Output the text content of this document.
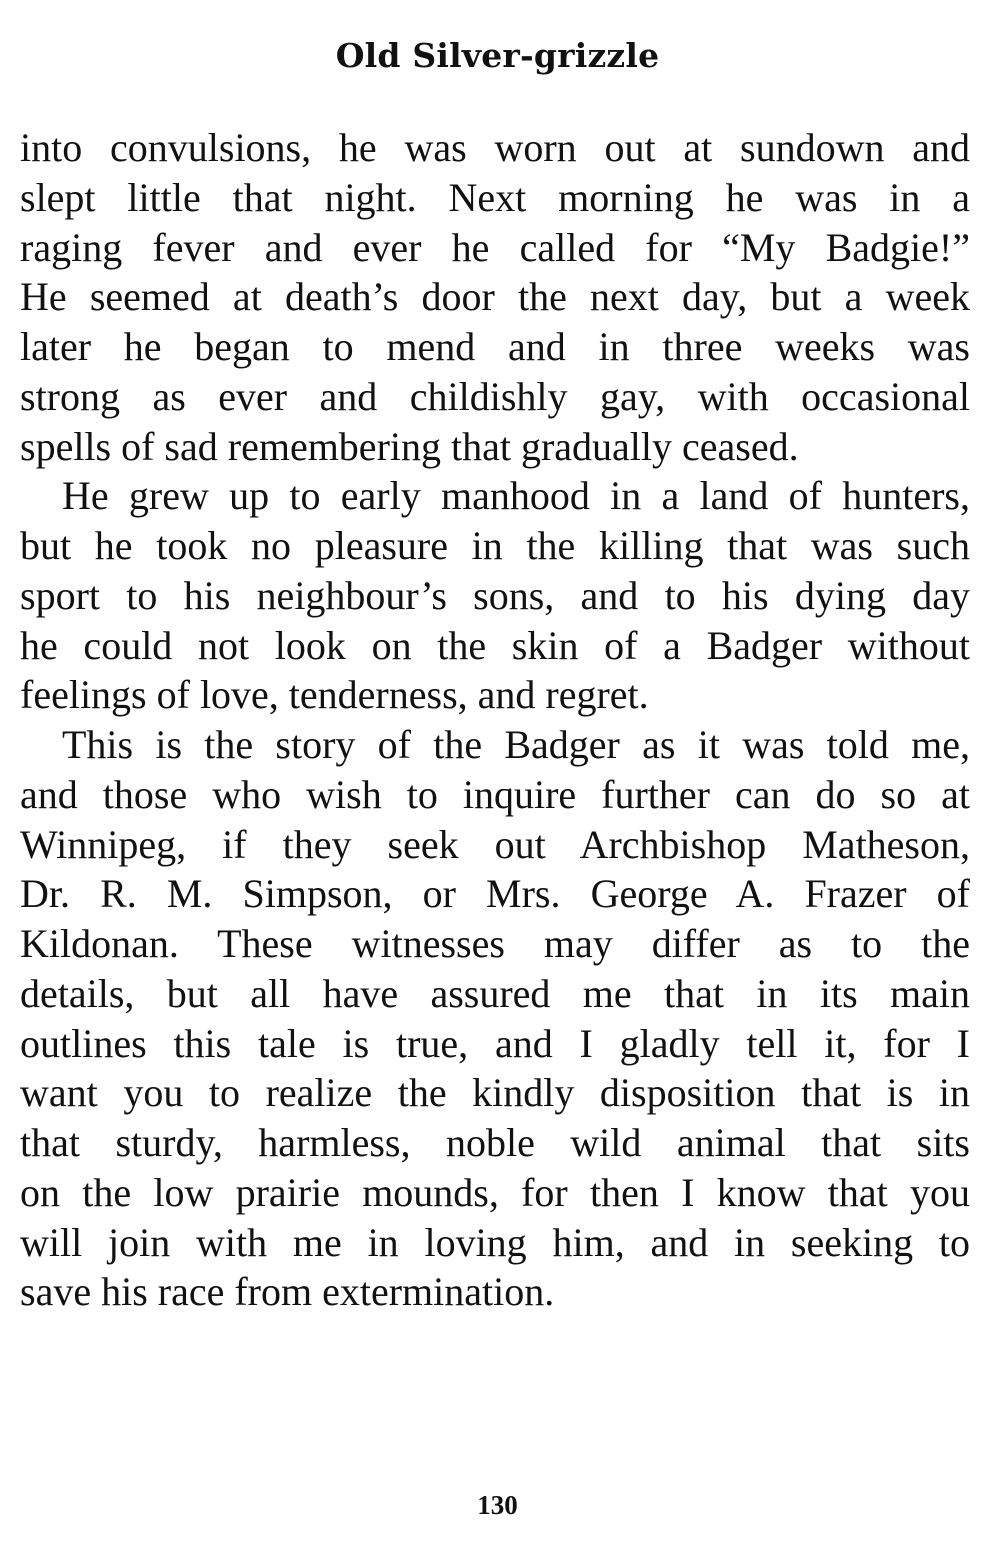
Old Silver-grizzle
into convulsions, he was worn out at sundown and
slept little that night. Next morning he was in a
raging fever and ever he called for “My Badgie!”
He seemed at death’s door the next day, but a week
later he began to mend and in three weeks was
strong as ever and childishly gay, with occasional
spells of sad remembering that gradually ceased.
He grew up to early manhood in a land of hunters,
but he took no pleasure in the killing that was such
sport to his neighbour’s sons, and to his dying day
he could not look on the skin of a Badger without
feelings of love, tenderness, and regret.
This is the story of the Badger as it was told me,
and those who wish to inquire further can do so at
Winnipeg, if they seek out Archbishop Matheson,
Dr. R. M. Simpson, or Mrs. George A. Frazer of
Kildonan. These witnesses may differ as to the
details, but all have assured me that in its main
outlines this tale is true, and I gladly tell it, for I
want you to realize the kindly disposition that is in
that sturdy, harmless, noble wild animal that sits
on the low prairie mounds, for then I know that you
will join with me in loving him, and in seeking to
save his race from extermination.
130
